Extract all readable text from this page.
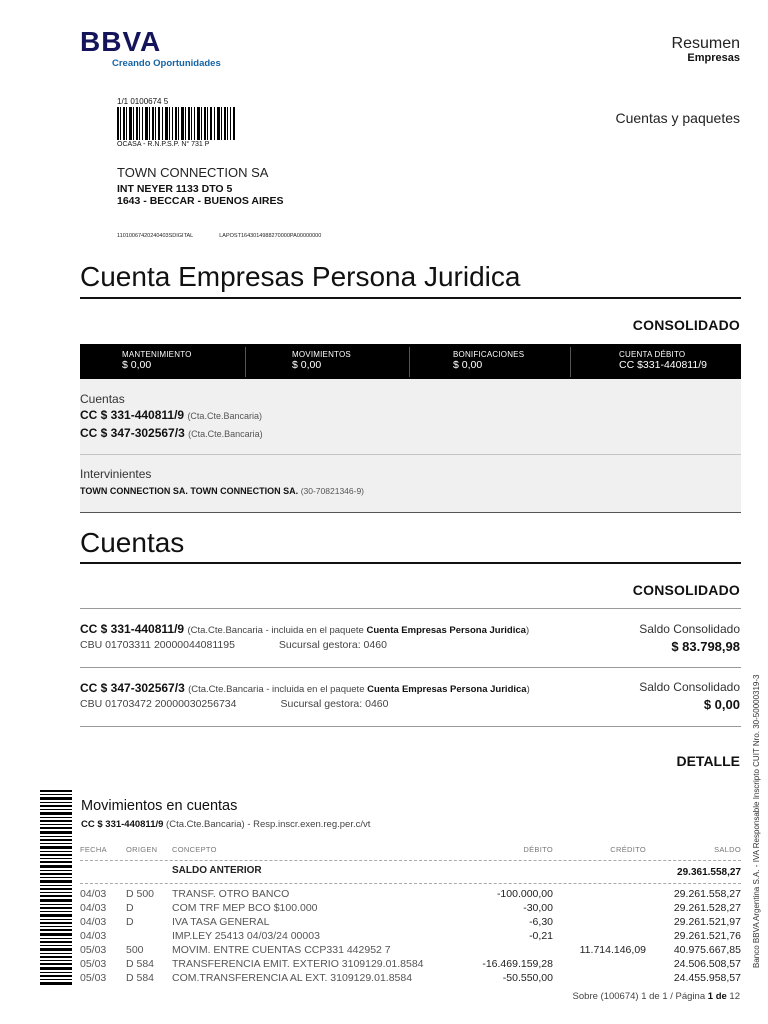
BBVA
Creando Oportunidades
Resumen
Empresas
Cuentas y paquetes
1/1 0100674 5
OCASA - R.N.P.S.P. N° 731 P
TOWN CONNECTION SA
INT NEYER 1133 DTO 5
1643 - BECCAR - BUENOS AIRES
11010067420240403SDIGITAL	LAPOST1643014988270000PA00000000
Cuenta Empresas Persona Juridica
CONSOLIDADO
MANTENIMIENTO
$ 0,00
MOVIMIENTOS
$ 0,00
BONIFICACIONES
$ 0,00
CUENTA DÉBITO
CC $331-440811/9
Cuentas
CC $ 331-440811/9 (Cta.Cte.Bancaria)
CC $ 347-302567/3 (Cta.Cte.Bancaria)
Intervinientes
TOWN CONNECTION SA. TOWN CONNECTION SA. (30-70821346-9)
Cuentas
CONSOLIDADO
CC $ 331-440811/9 (Cta.Cte.Bancaria - incluida en el paquete Cuenta Empresas Persona Juridica)
CBU 01703311 20000044081195	Sucursal gestora: 0460
Saldo Consolidado
$ 83.798,98
CC $ 347-302567/3 (Cta.Cte.Bancaria - incluida en el paquete Cuenta Empresas Persona Juridica)
CBU 01703472 20000030256734	Sucursal gestora: 0460
Saldo Consolidado
$ 0,00
DETALLE
Movimientos en cuentas
CC $ 331-440811/9 (Cta.Cte.Bancaria) - Resp.inscr.exen.reg.per.c/vt
FECHA	ORIGEN CONCEPTO	DÉBITO	CRÉDITO	SALDO
SALDO ANTERIOR	29.361.558,27
04/03 D 500 TRANSF. OTRO BANCO	-100.000,00	29.261.558,27
04/03 D	COM TRF MEP BCO $100.000	-30,00	29.261.528,27
04/03 D	IVA TASA GENERAL	-6,30	29.261.521,97
04/03	IMP.LEY 25413 04/03/24 00003	-0,21	29.261.521,76
05/03 500	MOVIM. ENTRE CUENTAS CCP331 442952 7	11.714.146,09	40.975.667,85
05/03 D 584 TRANSFERENCIA EMIT. EXTERIO 3109129.01.8584	-16.469.159,28	24.506.508,57
05/03 D 584 COM.TRANSFERENCIA AL EXT. 3109129.01.8584	-50.550,00	24.455.958,57
Sobre (100674) 1 de 1 / Página 1 de 12
Banco BBVA Argentina S.A. - IVA Responsable Inscripto CUIT Nro. 30-50000319-3
